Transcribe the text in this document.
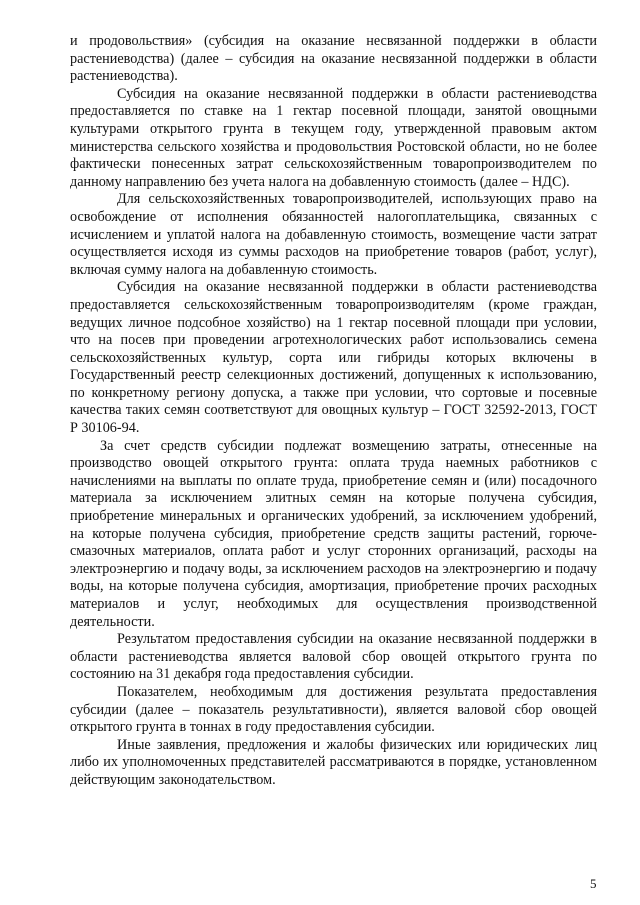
и продовольствия» (субсидия на оказание несвязанной поддержки в области растениеводства) (далее – субсидия на оказание несвязанной поддержки в области растениеводства).

Субсидия на оказание несвязанной поддержки в области растениеводства предоставляется по ставке на 1 гектар посевной площади, занятой овощными культурами открытого грунта в текущем году, утвержденной правовым актом министерства сельского хозяйства и продовольствия Ростовской области, но не более фактически понесенных затрат сельскохозяйственным товаропроизводителем по данному направлению без учета налога на добавленную стоимость (далее – НДС).

Для сельскохозяйственных товаропроизводителей, использующих право на освобождение от исполнения обязанностей налогоплательщика, связанных с исчислением и уплатой налога на добавленную стоимость, возмещение части затрат осуществляется исходя из суммы расходов на приобретение товаров (работ, услуг), включая сумму налога на добавленную стоимость.

Субсидия на оказание несвязанной поддержки в области растениеводства предоставляется сельскохозяйственным товаропроизводителям (кроме граждан, ведущих личное подсобное хозяйство) на 1 гектар посевной площади при условии, что на посев при проведении агротехнологических работ использовались семена сельскохозяйственных культур, сорта или гибриды которых включены в Государственный реестр селекционных достижений, допущенных к использованию, по конкретному региону допуска, а также при условии, что сортовые и посевные качества таких семян соответствуют для овощных культур – ГОСТ 32592-2013, ГОСТ Р 30106-94.

За счет средств субсидии подлежат возмещению затраты, отнесенные на производство овощей открытого грунта: оплата труда наемных работников с начислениями на выплаты по оплате труда, приобретение семян и (или) посадочного материала за исключением элитных семян на которые получена субсидия, приобретение минеральных и органических удобрений, за исключением удобрений, на которые получена субсидия, приобретение средств защиты растений, горюче-смазочных материалов, оплата работ и услуг сторонних организаций, расходы на электроэнергию и подачу воды, за исключением расходов на электроэнергию и подачу воды, на которые получена субсидия, амортизация, приобретение прочих расходных материалов и услуг, необходимых для осуществления производственной деятельности.

Результатом предоставления субсидии на оказание несвязанной поддержки в области растениеводства является валовой сбор овощей открытого грунта по состоянию на 31 декабря года предоставления субсидии.

Показателем, необходимым для достижения результата предоставления субсидии (далее – показатель результативности), является валовой сбор овощей открытого грунта в тоннах в году предоставления субсидии.

Иные заявления, предложения и жалобы физических или юридических лиц либо их уполномоченных представителей рассматриваются в порядке, установленном действующим законодательством.

5
